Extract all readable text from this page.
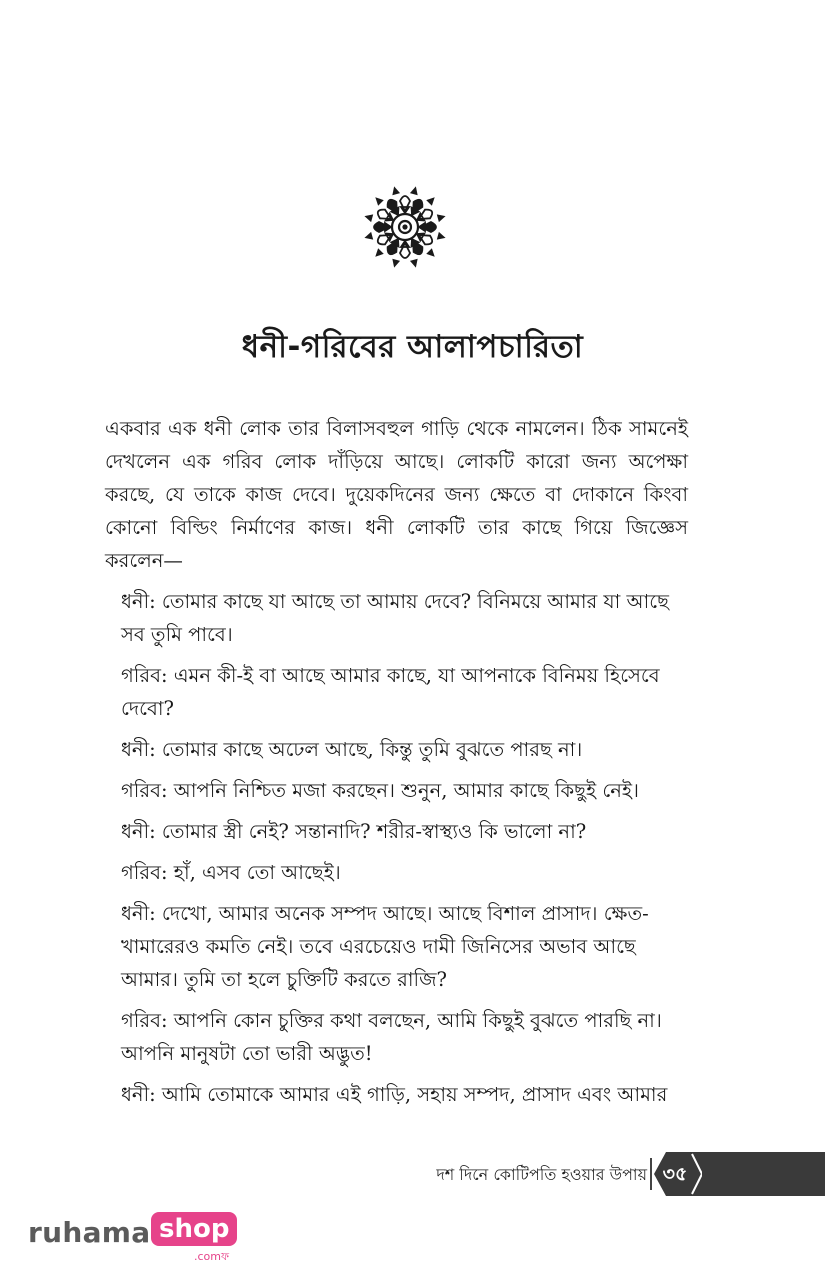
ধনী-গরিবের আলাপচারিতা

একবার এক ধনী লোক তার বিলাসবহুল গাড়ি থেকে নামলেন। ঠিক সামনেই দেখলেন এক গরিব লোক দাঁড়িয়ে আছে। লোকটি কারো জন্য অপেক্ষা করছে, যে তাকে কাজ দেবে। দুয়েকদিনের জন্য ক্ষেতে বা দোকানে কিংবা কোনো বিল্ডিং নির্মাণের কাজ। ধনী লোকটি তার কাছে গিয়ে জিজ্ঞেস করলেন—

ধনী: তোমার কাছে যা আছে তা আমায় দেবে? বিনিময়ে আমার যা আছে সব তুমি পাবে।
গরিব: এমন কী-ই বা আছে আমার কাছে, যা আপনাকে বিনিময় হিসেবে দেবো?
ধনী: তোমার কাছে অঢেল আছে, কিন্তু তুমি বুঝতে পারছ না।
গরিব: আপনি নিশ্চিত মজা করছেন। শুনুন, আমার কাছে কিছুই নেই।
ধনী: তোমার স্ত্রী নেই? সন্তানাদি? শরীর-স্বাস্থ্যও কি ভালো না?
গরিব: হাঁ, এসব তো আছেই।
ধনী: দেখো, আমার অনেক সম্পদ আছে। আছে বিশাল প্রাসাদ। ক্ষেত-খামারেরও কমতি নেই। তবে এরচেয়েও দামী জিনিসের অভাব আছে আমার। তুমি তা হলে চুক্তিটি করতে রাজি?
গরিব: আপনি কোন চুক্তির কথা বলছেন, আমি কিছুই বুঝতে পারছি না। আপনি মানুষটা তো ভারী অদ্ভুত!
ধনী: আমি তোমাকে আমার এই গাড়ি, সহায় সম্পদ, প্রাসাদ এবং আমার
দশ দিনে কোটিপতি হওয়ার উপায় ৩৫
ruhama shop
.comফ
